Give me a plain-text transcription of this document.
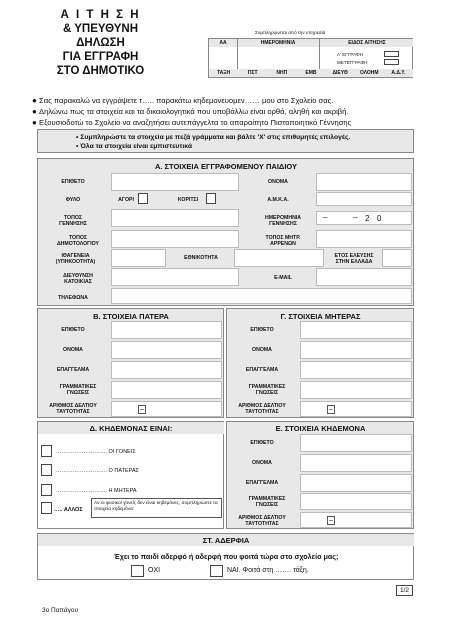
Α Ι Τ Η Σ Η
& ΥΠΕΥΘΥΝΗ ΔΗΛΩΣΗ
ΓΙΑ ΕΓΓΡΑΦΗ
ΣΤΟ ΔΗΜΟΤΙΚΟ
Συμπληρώνεται από την υπηρεσία
ΑΑ	ΗΜΕΡΟΜΗΝΙΑ	ΕΙΔΟΣ ΑΙΤΗΣΗΣ
Α' ΕΓΓΡΑΦΗ
ΜΕΤΕΓΓΡΑΦΗ
ΤΑΞΗ	ΠΣΤ	ΝΗΠ	ΕΜΒ	ΔΙΕΥΘ	ΟΛΟΗΜ	Α.Δ.Υ.
● Σας παρακαλώ να εγγράψετε τ….. παρακάτω κηδεμονευομεν…… μου στο Σχολείο σας.
● Δηλώνω πως τα στοιχεία και τα δικαιολογητικά που υποβάλλω είναι ορθά, αληθή και ακριβή.
● Εξουσιοδοτώ το Σχολείο να αναζητήσει αυτεπάγγελτα το απαραίτητο Πιστοποιητικό Γέννησης
• Συμπληρώστε τα στοιχεία με πεζά γράμματα και βάλτε 'Χ' στις επιθυμητές επιλογές.
• Όλα τα στοιχεία είναι εμπιστευτικά
Α. ΣΤΟΙΧΕΙΑ ΕΓΓΡΑΦΟΜΕΝΟΥ ΠΑΙΔΙΟΥ
ΕΠΙΘΕΤΟ	ΟΝΟΜΑ
ΦΥΛΟ	ΑΓΟΡΙ	ΚΟΡΙΤΣΙ	Α.Μ.Κ.Α.
ΤΟΠΟΣ ΓΕΝΝΗΣΗΣ
ΗΜΕΡΟΜΗΝΙΑ ΓΕΝΝΗΣΗΣ
–	– 2 0
ΤΟΠΟΣ ΔΗΜΟΤΟΛΟΓΙΟΥ
ΤΟΠΟΣ ΜΗΤΡ. ΑΡΡΕΝΩΝ
ΙΘΑΓΕΝΕΙΑ (ΥΠΗΚΟΟΤΗΤΑ)
ΕΘΝΙΚΟΤΗΤΑ	ΕΤΟΣ ΕΛΕΥΣΗΣ ΣΤΗΝ ΕΛΛΑΔΑ
ΔΙΕΥΘΥΝΣΗ ΚΑΤΟΙΚΙΑΣ
E-MAIL
ΤΗΛΕΦΩΝΑ
Β. ΣΤΟΙΧΕΙΑ ΠΑΤΕΡΑ
ΕΠΙΘΕΤΟ
ΟΝΟΜΑ
ΕΠΑΓΓΕΛΜΑ
ΓΡΑΜΜΑΤΙΚΕΣ ΓΝΩΣΕΙΣ
ΑΡΙΘΜΟΣ ΔΕΛΤΙΟΥ ΤΑΥΤΟΤΗΤΑΣ	–
Γ. ΣΤΟΙΧΕΙΑ ΜΗΤΕΡΑΣ
ΕΠΙΘΕΤΟ
ΟΝΟΜΑ
ΕΠΑΓΓΕΛΜΑ
ΓΡΑΜΜΑΤΙΚΕΣ ΓΝΩΣΕΙΣ
ΑΡΙΘΜΟΣ ΔΕΛΤΙΟΥ ΤΑΥΤΟΤΗΤΑΣ	–
Δ. ΚΗΔΕΜΟΝΑΣ ΕΙΝΑΙ:
………………………. ΟΙ ΓΟΝΕΙΣ
………………………. Ο ΠΑΤΕΡΑΣ
………………………. Η ΜΗΤΕΡΑ
….. ΑΛΛΟΣ
Αν οι φυσικοί γονείς δεν είναι κηδεμόνες, συμπληρώστε τα στοιχεία κηδεμόνα:
Ε. ΣΤΟΙΧΕΙΑ ΚΗΔΕΜΟΝΑ
ΕΠΙΘΕΤΟ
ΟΝΟΜΑ
ΕΠΑΓΓΕΛΜΑ
ΓΡΑΜΜΑΤΙΚΕΣ ΓΝΩΣΕΙΣ
ΑΡΙΘΜΟΣ ΔΕΛΤΙΟΥ ΤΑΥΤΟΤΗΤΑΣ	–
ΣΤ. ΑΔΕΡΦΙΑ
Έχει το παιδί αδερφό ή αδερφή που φοιτά τώρα στο σχολείο μας;
ΟΧΙ	ΝΑΙ. Φοιτά στη ……. τάξη.
1/2
3ο Παπάγου
